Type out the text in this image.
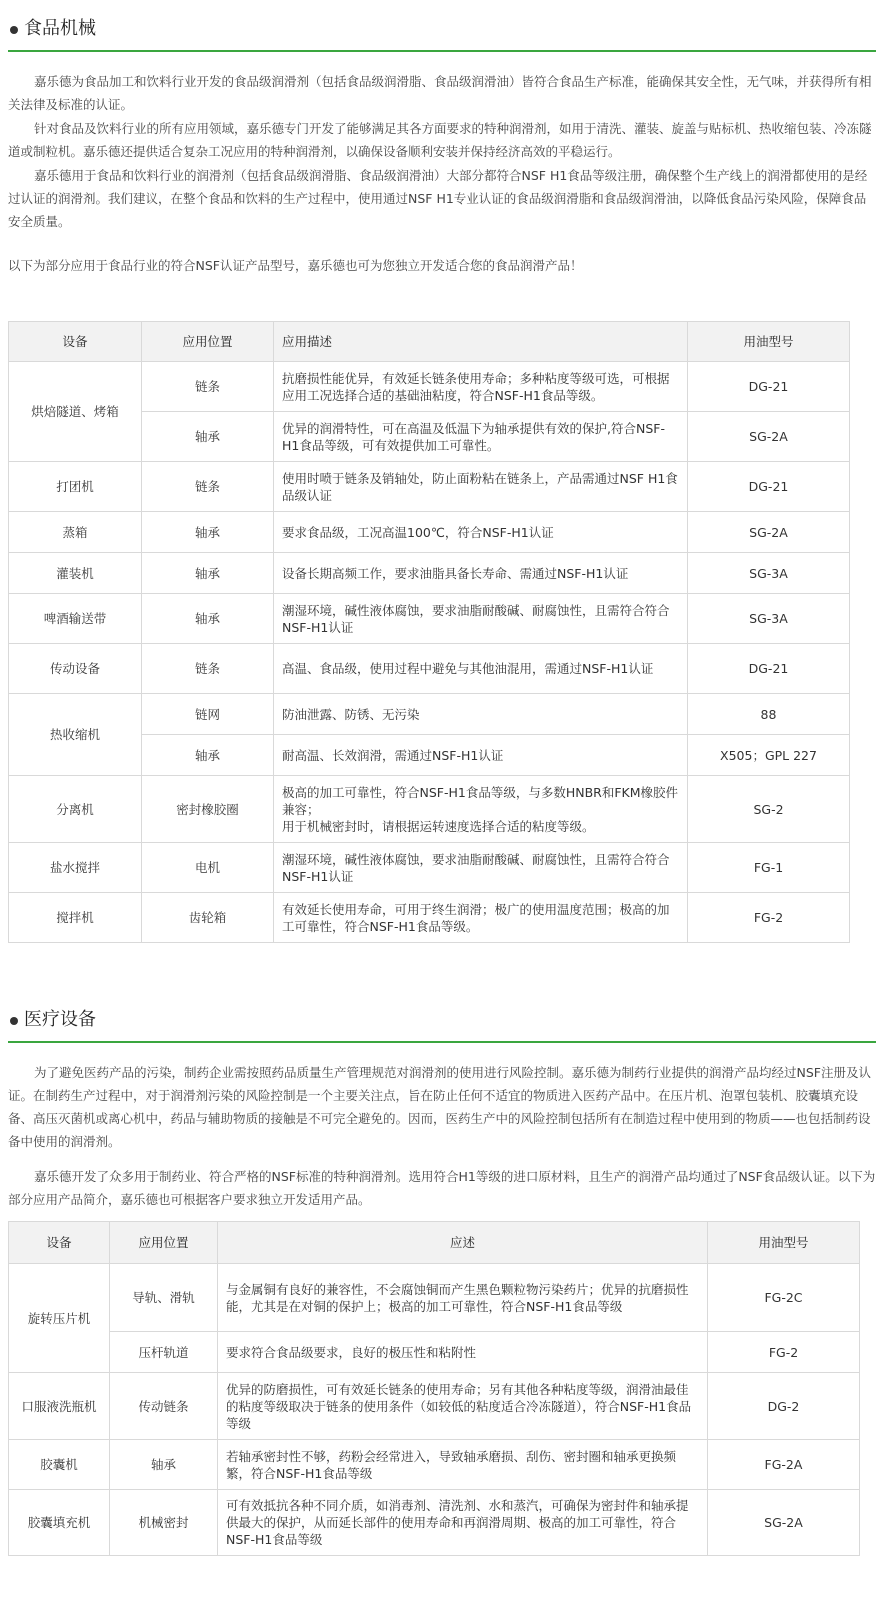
食品机械

嘉乐德为食品加工和饮料行业开发的食品级润滑剂（包括食品级润滑脂、食品级润滑油）皆符合食品生产标准，能确保其安全性，无气味，并获得所有相关法律及标准的认证。

针对食品及饮料行业的所有应用领域，嘉乐德专门开发了能够满足其各方面要求的特种润滑剂，如用于清洗、灌装、旋盖与贴标机、热收缩包装、冷冻隧道或制粒机。嘉乐德还提供适合复杂工况应用的特种润滑剂，以确保设备顺利安装并保持经济高效的平稳运行。

嘉乐德用于食品和饮料行业的润滑剂（包括食品级润滑脂、食品级润滑油）大部分都符合NSF H1食品等级注册，确保整个生产线上的润滑都使用的是经过认证的润滑剂。我们建议，在整个食品和饮料的生产过程中，使用通过NSF H1专业认证的食品级润滑脂和食品级润滑油，以降低食品污染风险，保障食品安全质量。

以下为部分应用于食品行业的符合NSF认证产品型号，嘉乐德也可为您独立开发适合您的食品润滑产品！

设备	应用位置	应用描述	用油型号
烘焙隧道、烤箱	链条	抗磨损性能优异，有效延长链条使用寿命；多种粘度等级可选，可根据应用工况选择合适的基础油粘度，符合NSF-H1食品等级。	DG-21
	轴承	优异的润滑特性，可在高温及低温下为轴承提供有效的保护,符合NSF-H1食品等级，可有效提供加工可靠性。	SG-2A
打团机	链条	使用时喷于链条及销轴处，防止面粉粘在链条上，产品需通过NSF H1食品级认证	DG-21
蒸箱	轴承	要求食品级，工况高温100℃，符合NSF-H1认证	SG-2A
灌装机	轴承	设备长期高频工作，要求油脂具备长寿命、需通过NSF-H1认证	SG-3A
啤酒输送带	轴承	潮湿环境，碱性液体腐蚀，要求油脂耐酸碱、耐腐蚀性，且需符合符合NSF-H1认证	SG-3A
传动设备	链条	高温、食品级，使用过程中避免与其他油混用，需通过NSF-H1认证	DG-21
热收缩机	链网	防油泄露、防锈、无污染	88
	轴承	耐高温、长效润滑，需通过NSF-H1认证	X505；GPL 227
分离机	密封橡胶圈	极高的加工可靠性，符合NSF-H1食品等级，与多数HNBR和FKM橡胶件兼容；
用于机械密封时，请根据运转速度选择合适的粘度等级。	SG-2
盐水搅拌	电机	潮湿环境，碱性液体腐蚀，要求油脂耐酸碱、耐腐蚀性，且需符合符合NSF-H1认证	FG-1
搅拌机	齿轮箱	有效延长使用寿命，可用于终生润滑；极广的使用温度范围；极高的加工可靠性，符合NSF-H1食品等级。	FG-2
医疗设备

为了避免医药产品的污染，制药企业需按照药品质量生产管理规范对润滑剂的使用进行风险控制。嘉乐德为制药行业提供的润滑产品均经过NSF注册及认证。在制药生产过程中，对于润滑剂污染的风险控制是一个主要关注点，旨在防止任何不适宜的物质进入医药产品中。在压片机、泡罩包装机、胶囊填充设备、高压灭菌机或离心机中，药品与辅助物质的接触是不可完全避免的。因而，医药生产中的风险控制包括所有在制造过程中使用到的物质——也包括制药设备中使用的润滑剂。

嘉乐德开发了众多用于制药业、符合严格的NSF标准的特种润滑剂。选用符合H1等级的进口原材料，且生产的润滑产品均通过了NSF食品级认证。以下为部分应用产品简介，嘉乐德也可根据客户要求独立开发适用产品。

设备	应用位置	应述	用油型号
旋转压片机	导轨、滑轨	与金属铜有良好的兼容性，不会腐蚀铜而产生黑色颗粒物污染药片；优异的抗磨损性能，尤其是在对铜的保护上；极高的加工可靠性，符合NSF-H1食品等级	FG-2C
	压杆轨道	要求符合食品级要求，良好的极压性和粘附性	FG-2
口服液洗瓶机	传动链条	优异的防磨损性，可有效延长链条的使用寿命；另有其他各种粘度等级，润滑油最佳的粘度等级取决于链条的使用条件（如较低的粘度适合冷冻隧道），符合NSF-H1食品等级	DG-2
胶囊机	轴承	若轴承密封性不够，药粉会经常进入，导致轴承磨损、刮伤、密封圈和轴承更换频繁，符合NSF-H1食品等级	FG-2A
胶囊填充机	机械密封	可有效抵抗各种不同介质，如消毒剂、清洗剂、水和蒸汽，可确保为密封件和轴承提供最大的保护，从而延长部件的使用寿命和再润滑周期、极高的加工可靠性，符合NSF-H1食品等级	SG-2A
